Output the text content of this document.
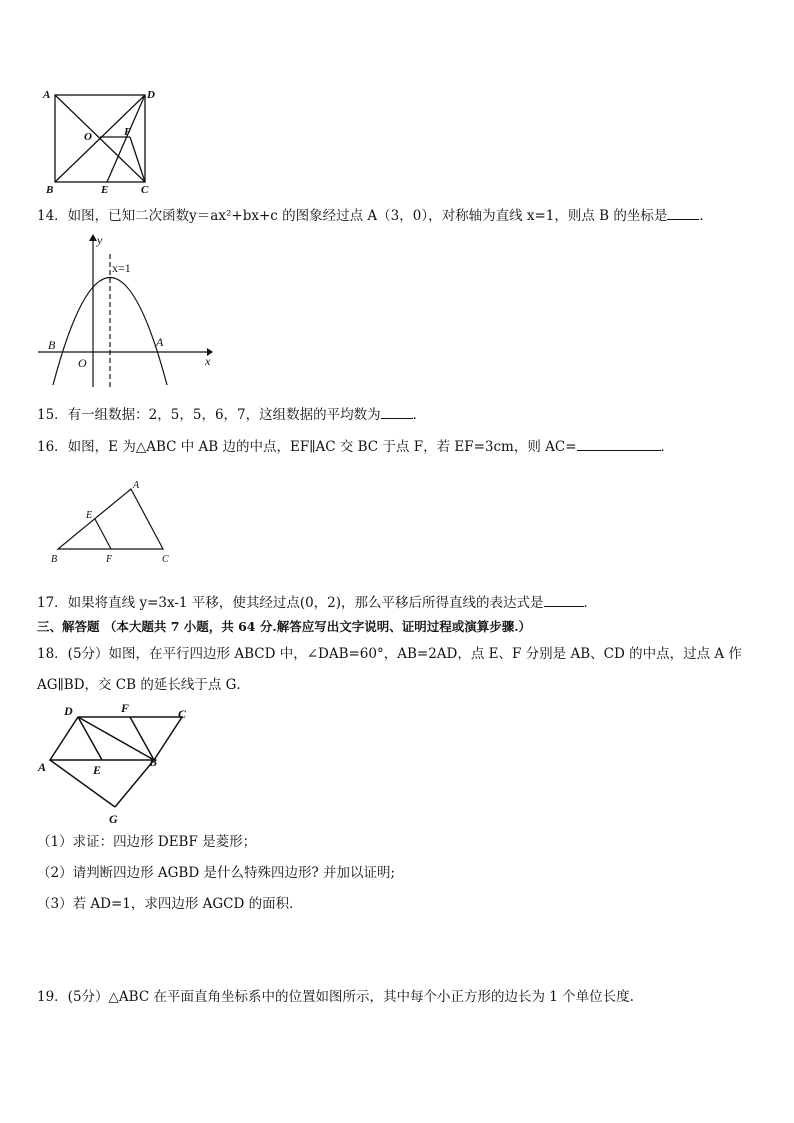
A	D
O	F
B	E	C
14．如图，已知二次函数y＝ax²+bx+c 的图象经过点 A（3，0），对称轴为直线 x=1，则点 B 的坐标是 ．
y
x=1
B	A
O	x
15．有一组数据：2，5，5，6，7，这组数据的平均数为 ．
16．如图，E 为△ABC 中 AB 边的中点，EF∥AC 交 BC 于点 F，若 EF=3cm，则 AC=	．
A
E
B	F	C
17．如果将直线 y=3x-1 平移，使其经过点(0，2)，那么平移后所得直线的表达式是	．
三、解答题 （本大题共 7 小题，共 64 分.解答应写出文字说明、证明过程或演算步骤.）
18．(5分）如图，在平行四边形 ABCD 中，∠DAB=60°，AB=2AD，点 E、F 分别是 AB、CD 的中点，过点 A 作
AG∥BD，交 CB 的延长线于点 G．
D	F	C
A	E
B
G
（1）求证：四边形 DEBF 是菱形；
（2）请判断四边形 AGBD 是什么特殊四边形? 并加以证明;
（3）若 AD=1，求四边形 AGCD 的面积．
19．(5分）△ABC 在平面直角坐标系中的位置如图所示，其中每个小正方形的边长为 1 个单位长度.
